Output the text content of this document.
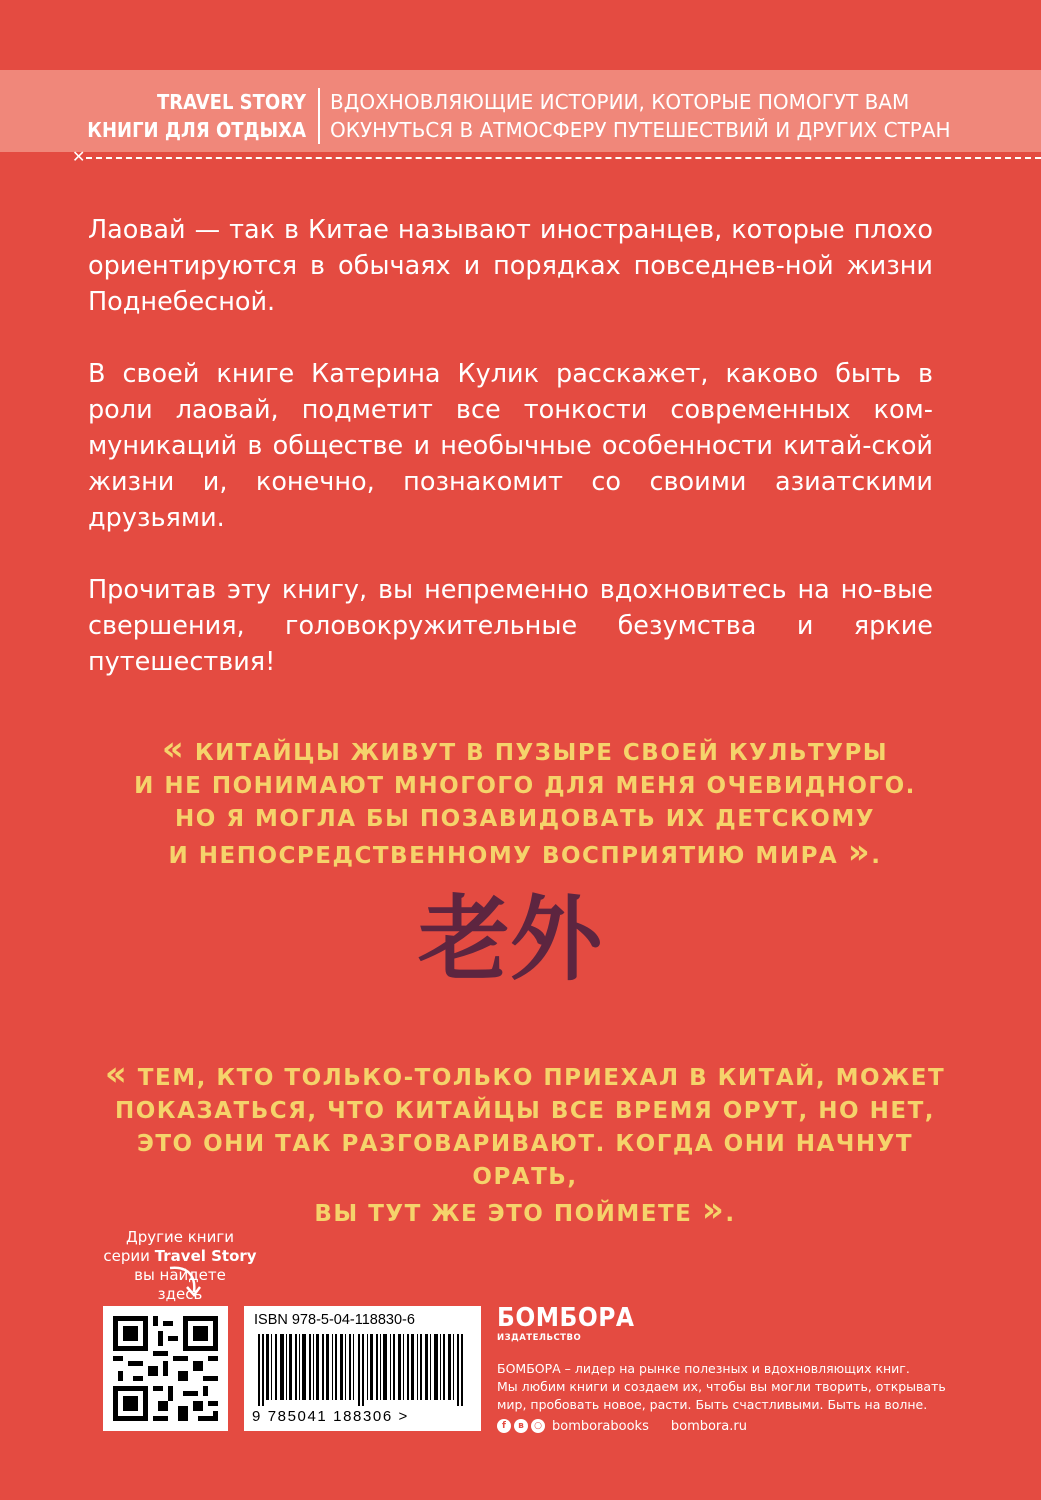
TRAVEL STORY
КНИГИ ДЛЯ ОТДЫХА
ВДОХНОВЛЯЮЩИЕ ИСТОРИИ, КОТОРЫЕ ПОМОГУТ ВАМ
ОКУНУТЬСЯ В АТМОСФЕРУ ПУТЕШЕСТВИЙ И ДРУГИХ СТРАН
✕
Лаовай — так в Китае называют иностранцев, которые плохо ориентируются в обычаях и порядках повседнев-ной жизни Поднебесной.
В своей книге Катерина Кулик расскажет, каково быть в роли лаовай, подметит все тонкости современных ком-муникаций в обществе и необычные особенности китай-ской жизни и, конечно, познакомит со своими азиатскими друзьями.
Прочитав эту книгу, вы непременно вдохновитесь на но-вые свершения, головокружительные безумства и яркие путешествия!
« КИТАЙЦЫ ЖИВУТ В ПУЗЫРЕ СВОЕЙ КУЛЬТУРЫ
И НЕ ПОНИМАЮТ МНОГОГО ДЛЯ МЕНЯ ОЧЕВИДНОГО.
НО Я МОГЛА БЫ ПОЗАВИДОВАТЬ ИХ ДЕТСКОМУ
И НЕПОСРЕДСТВЕННОМУ ВОСПРИЯТИЮ МИРА ».
老外
« ТЕМ, КТО ТОЛЬКО-ТОЛЬКО ПРИЕХАЛ В КИТАЙ, МОЖЕТ
ПОКАЗАТЬСЯ, ЧТО КИТАЙЦЫ ВСЕ ВРЕМЯ ОРУТ, НО НЕТ,
ЭТО ОНИ ТАК РАЗГОВАРИВАЮТ. КОГДА ОНИ НАЧНУТ ОРАТЬ,
ВЫ ТУТ ЖЕ ЭТО ПОЙМЕТЕ ».
Другие книги
серии Travel Story
вы найдете
здесь
ISBN 978-5-04-118830-6
9 785041 188306 >
БОМБОРА
ИЗДАТЕЛЬСТВО
БОМБОРА – лидер на рынке полезных и вдохновляющих книг.
Мы любим книги и создаем их, чтобы вы могли творить, открывать
мир, пробовать новое, расти. Быть счастливыми. Быть на волне.
f	в	○ bomborabooks bombora.ru
